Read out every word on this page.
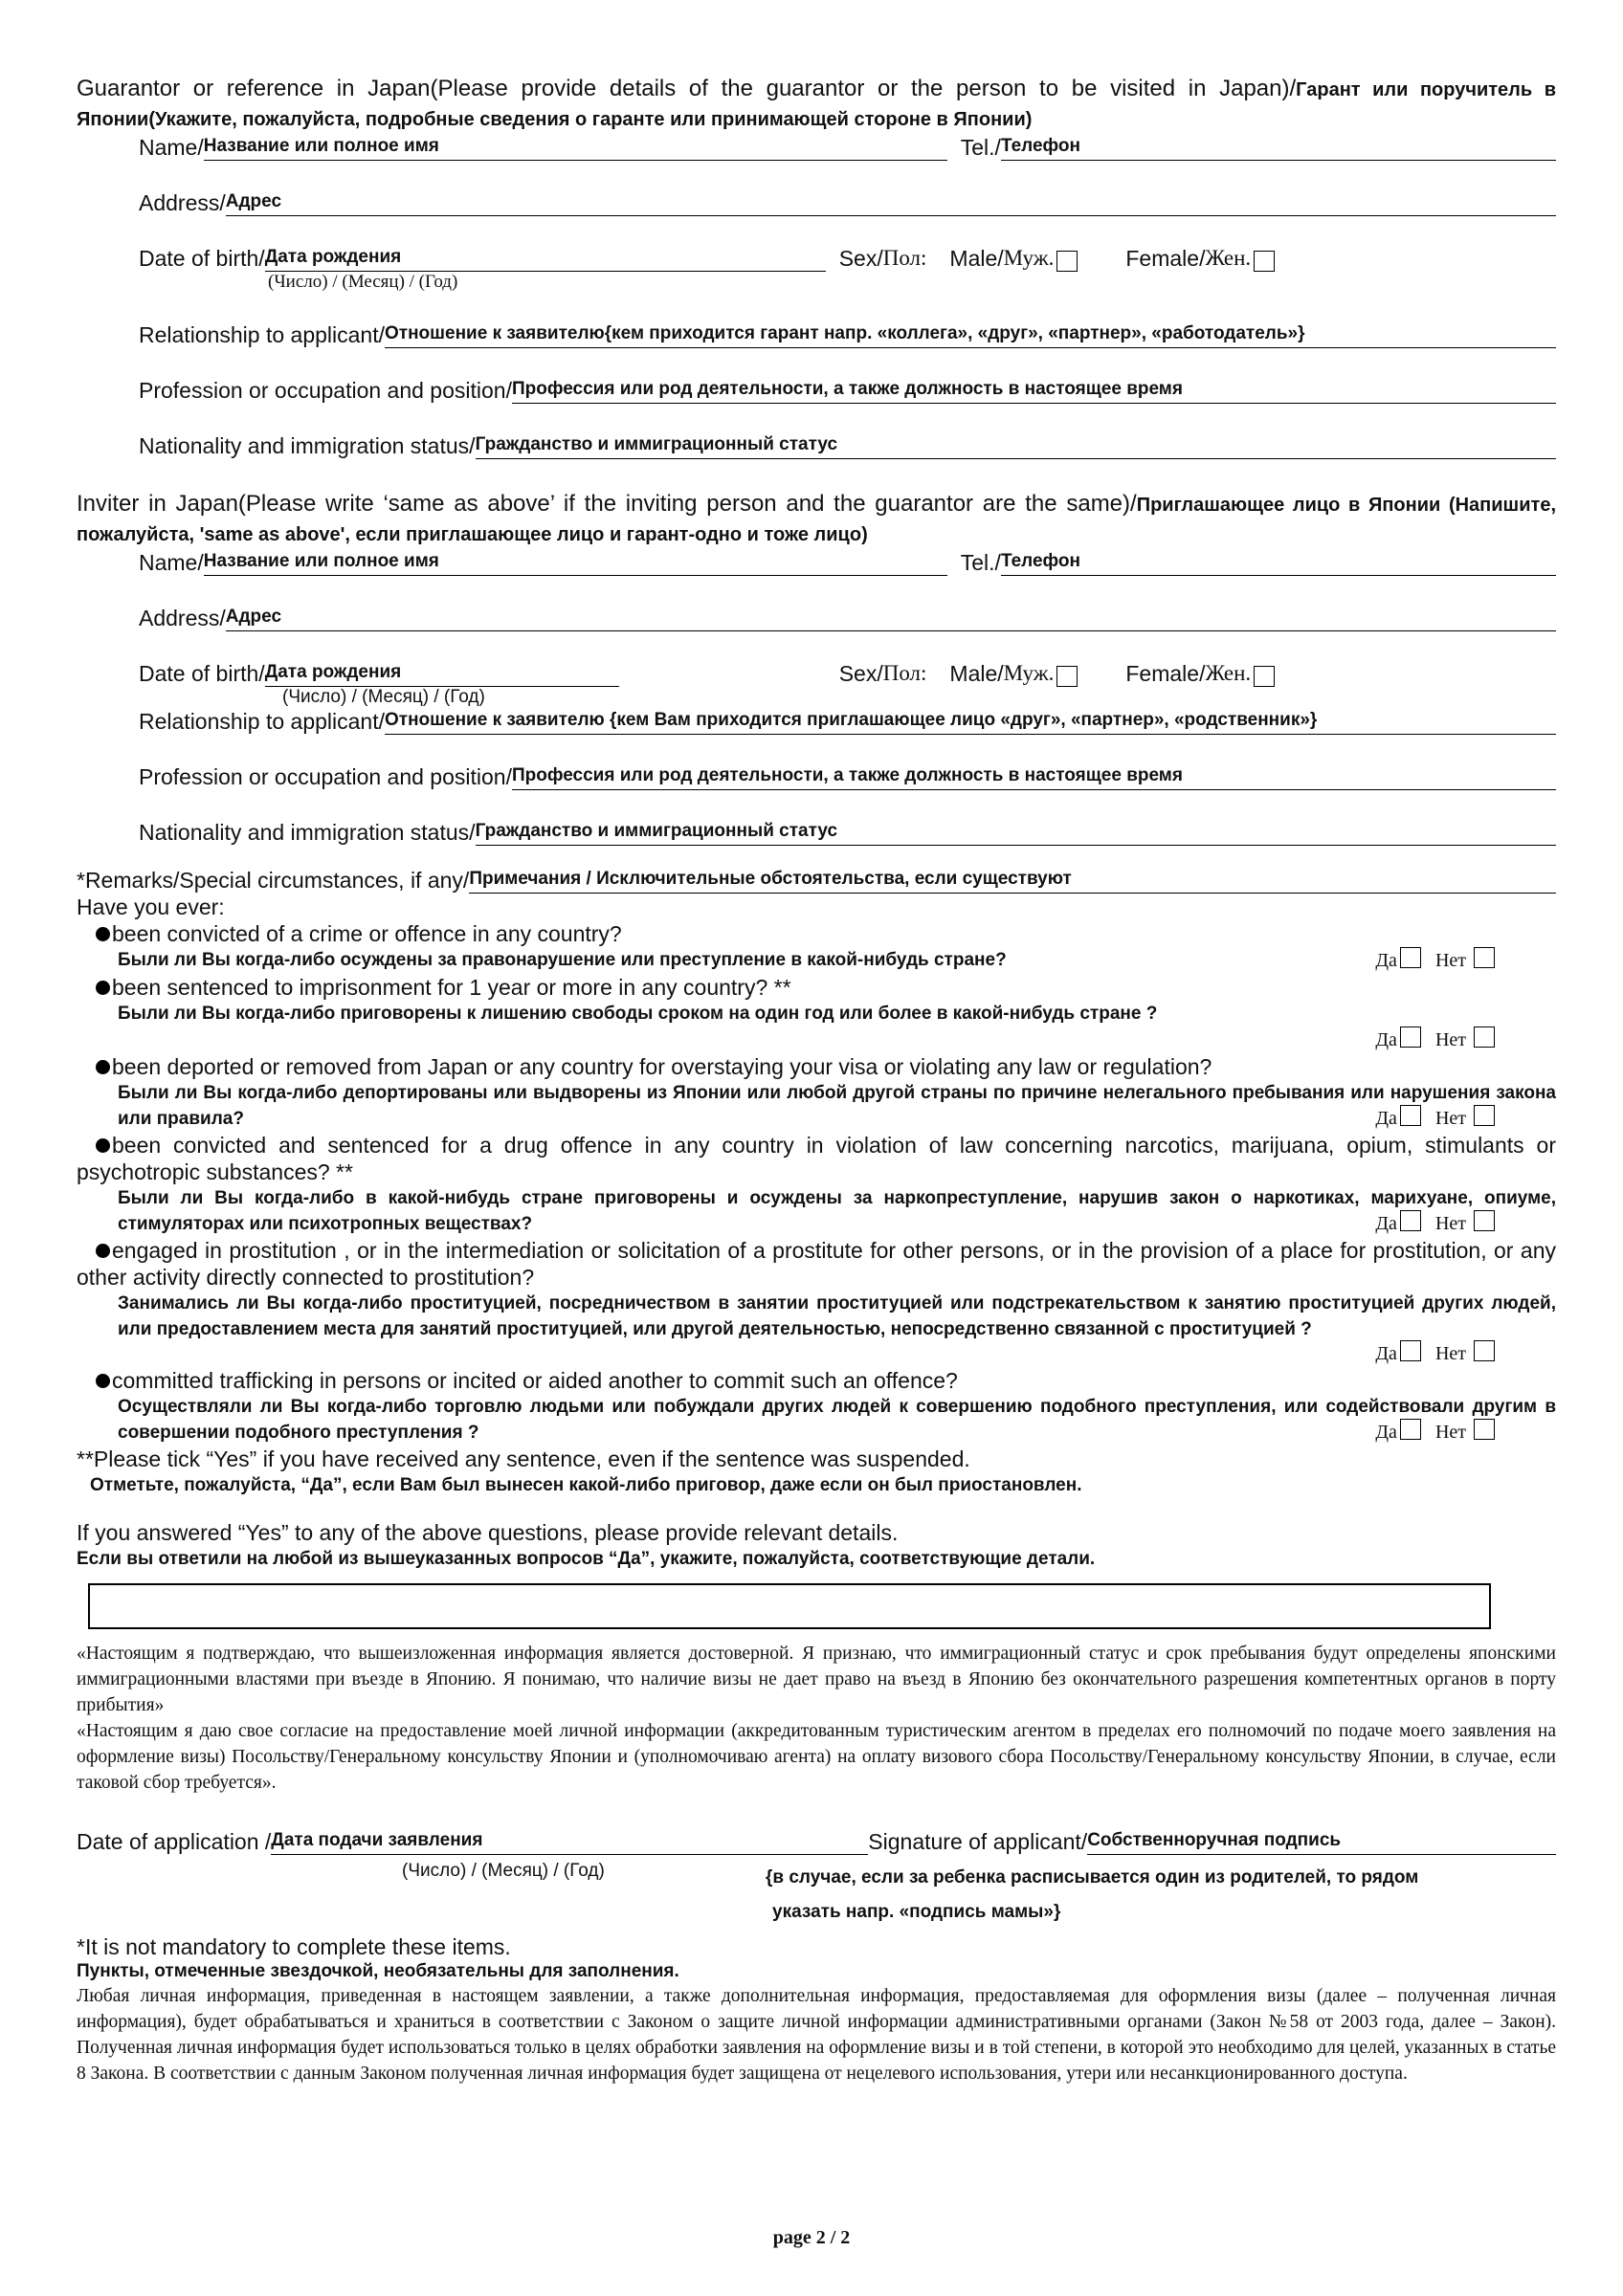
Guarantor or reference in Japan(Please provide details of the guarantor or the person to be visited in Japan)/Гарант или поручитель в Японии(Укажите, пожалуйста, подробные сведения о гаранте или принимающей стороне в Японии)

Name/ Название или полное имя	Tel./ Телефон
Address/ Адрес
Date of birth/ Дата рождения	Sex/ Пол: Male/ Муж.	Female/ Жен.
(Число) / (Месяц) / (Год)
Relationship to applicant/ Отношение к заявителю{кем приходится гарант напр. «коллега», «друг», «партнер», «работодатель»}
Profession or occupation and position/ Профессия или род деятельности, а также должность в настоящее время
Nationality and immigration status/ Гражданство и иммиграционный статус

Inviter in Japan(Please write ‘same as above’ if the inviting person and the guarantor are the same)/Приглашающее лицо в Японии (Напишите, пожалуйста, 'same as above', если приглашающее лицо и гарант-одно и тоже лицо)

Name/ Название или полное имя	Tel./ Телефон
Address/ Адрес
Date of birth/ Дата рождения	Sex/ Пол: Male/ Муж.	Female/ Жен.
(Число) / (Месяц) / (Год)
Relationship to applicant/ Отношение к заявителю {кем Вам приходится приглашающее лицо «друг», «партнер», «родственник»}
Profession or occupation and position/ Профессия или род деятельности, а также должность в настоящее время
Nationality and immigration status/ Гражданство и иммиграционный статус
*Remarks/Special circumstances, if any/ Примечания / Исключительные обстоятельства, если существуют
Have you ever:
been convicted of a crime or offence in any country?
Были ли Вы когда-либо осуждены за правонарушение или преступление в какой-нибудь стране?	Да Нет
been sentenced to imprisonment for 1 year or more in any country? **
Были ли Вы когда-либо приговорены к лишению свободы сроком на один год или более в какой-нибудь стране ?
Да Нет
been deported or removed from Japan or any country for overstaying your visa or violating any law or regulation?
Были ли Вы когда-либо депортированы или выдворены из Японии или любой другой страны по причине нелегального пребывания или нарушения закона или правила?	Да Нет
been convicted and sentenced for a drug offence in any country in violation of law concerning narcotics, marijuana, opium, stimulants or psychotropic substances? **
Были ли Вы когда-либо в какой-нибудь стране приговорены и осуждены за наркопреступление, нарушив закон о наркотиках, марихуане, опиуме, стимуляторах или психотропных веществах?	Да Нет
engaged in prostitution , or in the intermediation or solicitation of a prostitute for other persons, or in the provision of a place for prostitution, or any other activity directly connected to prostitution?
Занимались ли Вы когда-либо проституцией, посредничеством в занятии проституцией или подстрекательством к занятию проституцией других людей, или предоставлением места для занятий проституцией, или другой деятельностью, непосредственно связанной с проституцией ?
Да Нет
committed trafficking in persons or incited or aided another to commit such an offence?
Осуществляли ли Вы когда-либо торговлю людьми или побуждали других людей к совершению подобного преступления, или содействовали другим в совершении подобного преступления ?	Да Нет
**Please tick “Yes” if you have received any sentence, even if the sentence was suspended.
Отметьте, пожалуйста, “Да”, если Вам был вынесен какой-либо приговор, даже если он был приостановлен.
If you answered “Yes” to any of the above questions, please provide relevant details.
Если вы ответили на любой из вышеуказанных вопросов “Да”, укажите, пожалуйста, соответствующие детали.
«Настоящим я подтверждаю, что вышеизложенная информация является достоверной. Я признаю, что иммиграционный статус и срок пребывания будут определены японскими иммиграционными властями при въезде в Японию. Я понимаю, что наличие визы не дает право на въезд в Японию без окончательного разрешения компетентных органов в порту прибытия»
«Настоящим я даю свое согласие на предоставление моей личной информации (аккредитованным туристическим агентом в пределах его полномочий по подаче моего заявления на оформление визы) Посольству/Генеральному консульству Японии и (уполномочиваю агента) на оплату визового сбора Посольству/Генеральному консульству Японии, в случае, если таковой сбор требуется».
Date of application / Дата подачи заявления	Signature of applicant/ Собственноручная подпись
(Число) / (Месяц) / (Год)	{в случае, если за ребенка расписывается один из родителей, то рядом
указать напр. «подпись мамы»}
*It is not mandatory to complete these items.
Пункты, отмеченные звездочкой, необязательны для заполнения.
Любая личная информация, приведенная в настоящем заявлении, а также дополнительная информация, предоставляемая для оформления визы (далее – полученная личная информация), будет обрабатываться и храниться в соответствии с Законом о защите личной информации административными органами (Закон №58 от 2003 года, далее – Закон). Полученная личная информация будет использоваться только в целях обработки заявления на оформление визы и в той степени, в которой это необходимо для целей, указанных в статье 8 Закона. В соответствии с данным Законом полученная личная информация будет защищена от нецелевого использования, утери или несанкционированного доступа.
page 2 / 2
